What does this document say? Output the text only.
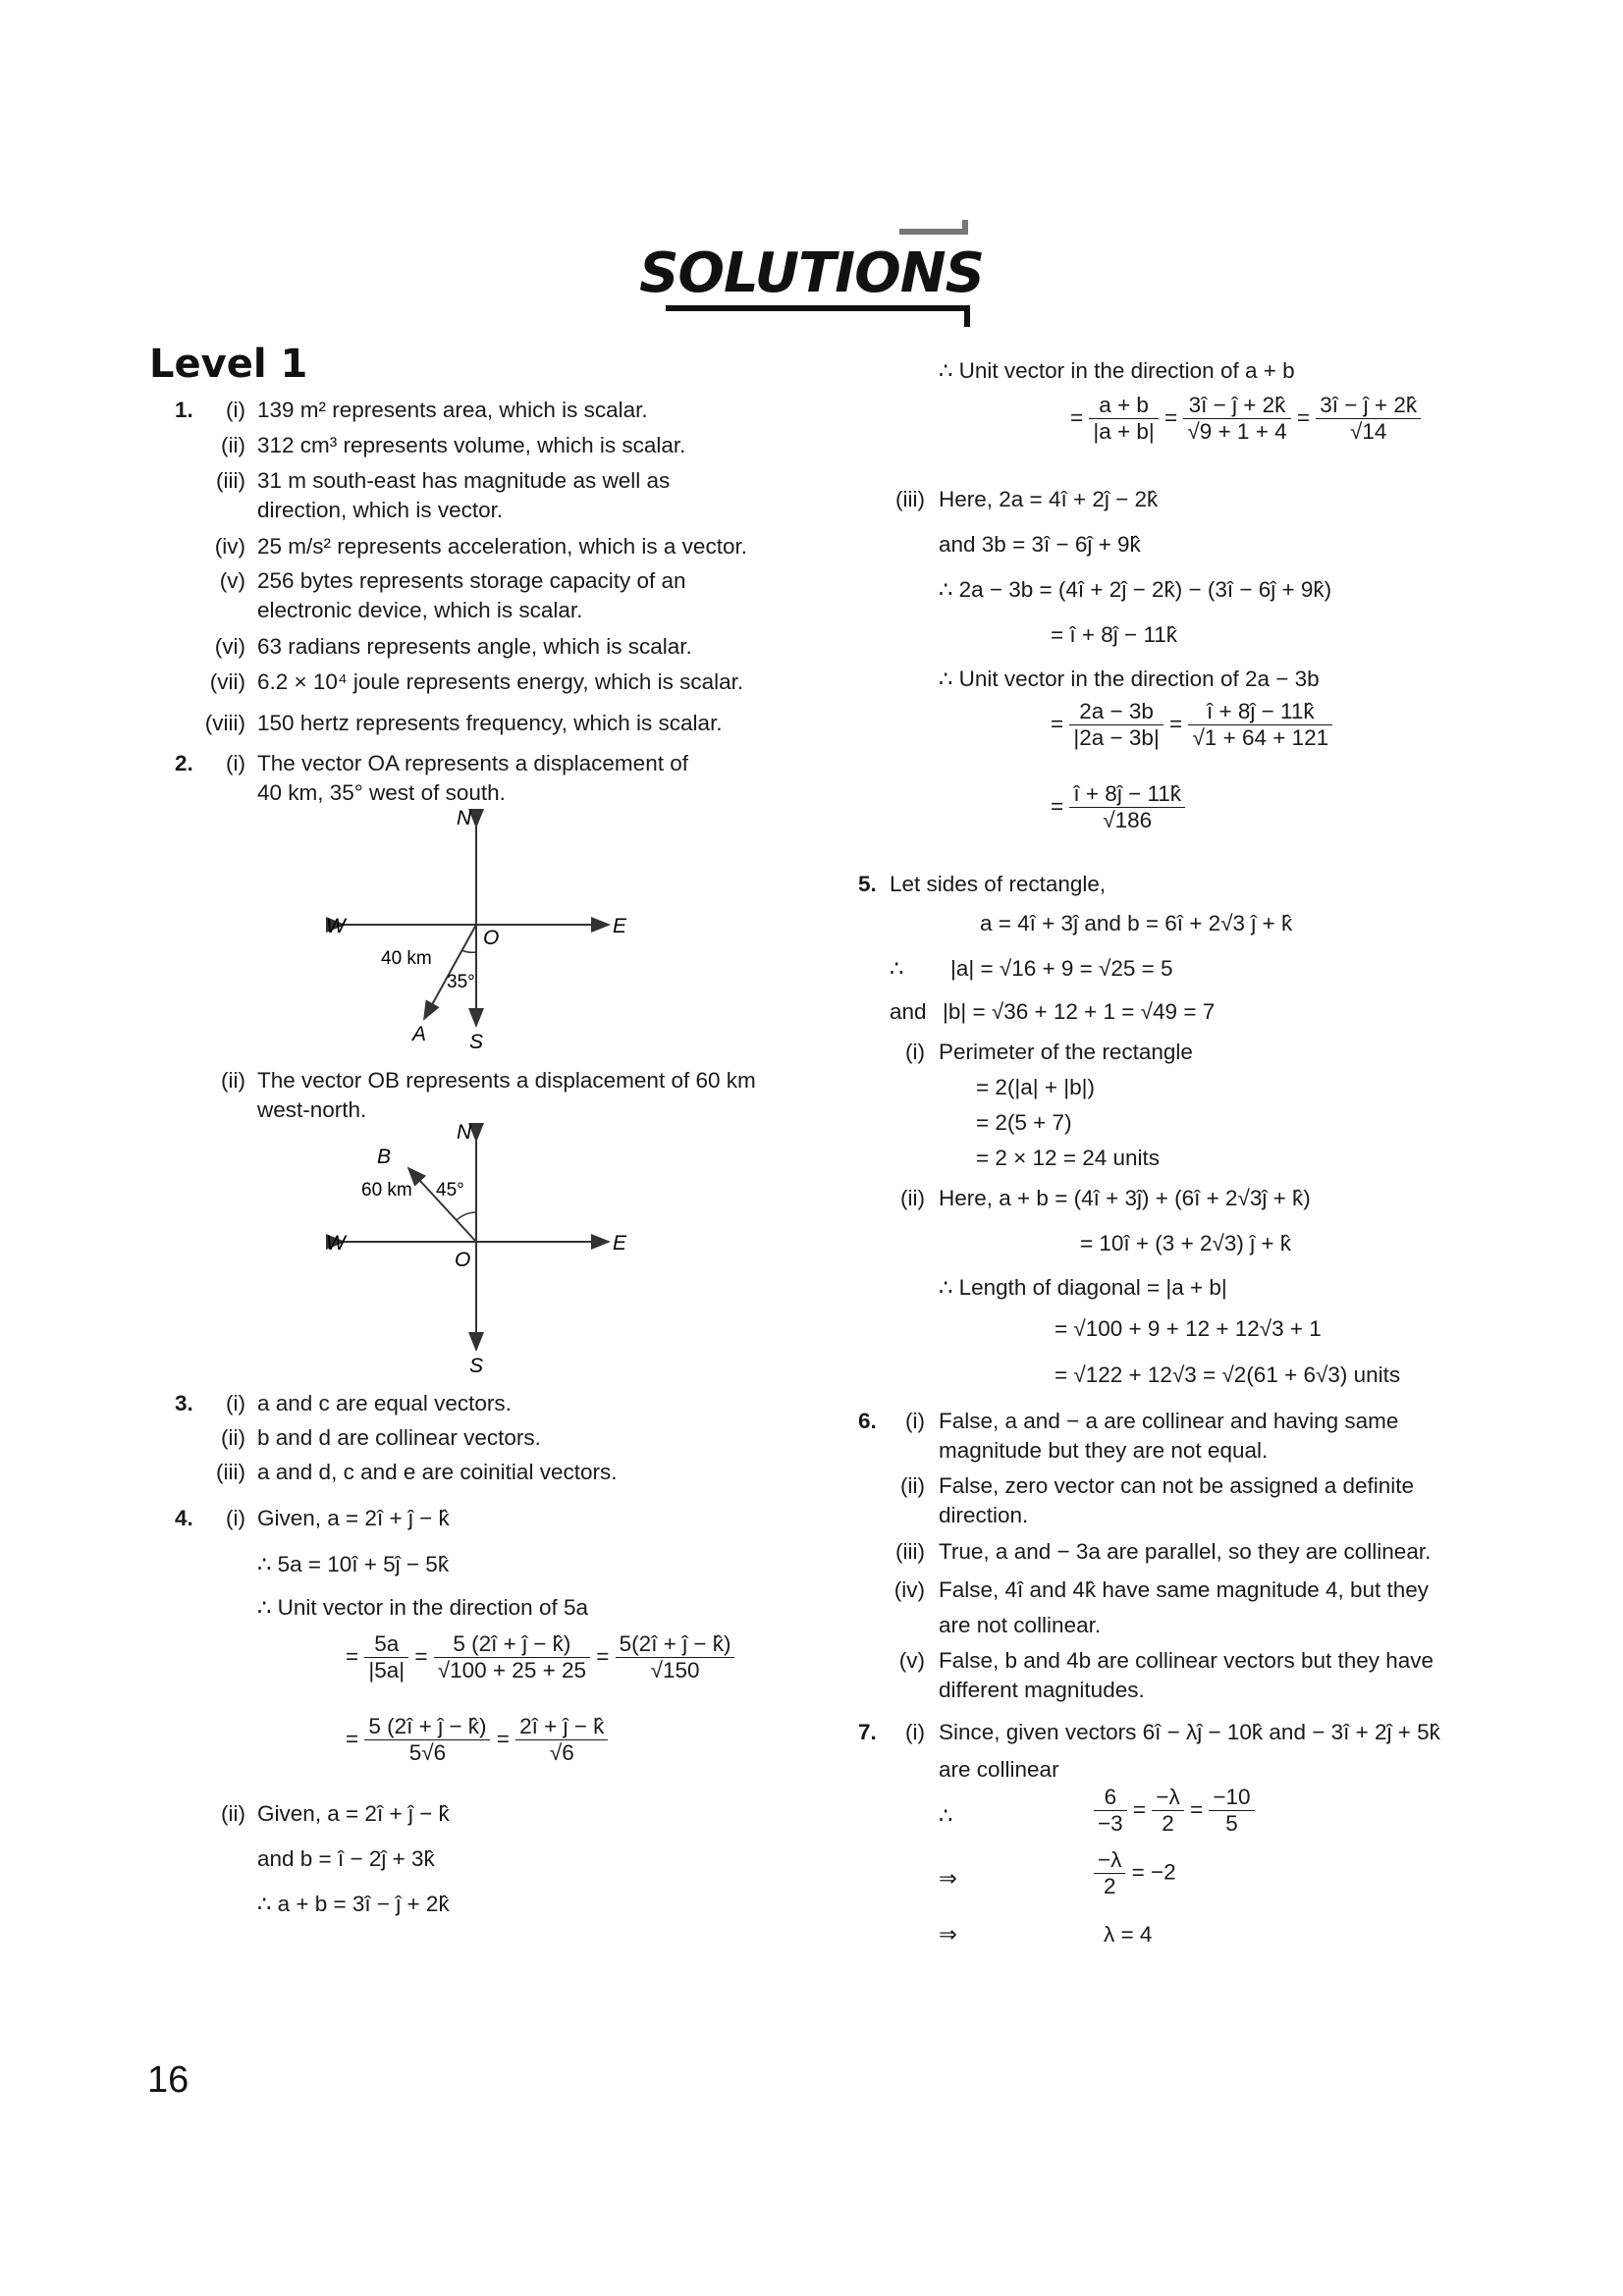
SOLUTIONS
Level 1
1.	(i) 139 m² represents area, which is scalar.
(ii) 312 cm³ represents volume, which is scalar.
(iii) 31 m south-east has magnitude as well as
direction, which is vector.
(iv) 25 m/s² represents acceleration, which is a vector.
(v) 256 bytes represents storage capacity of an
electronic device, which is scalar.
(vi) 63 radians represents angle, which is scalar.
(vii) 6.2 × 10⁴ joule represents energy, which is scalar.
(viii) 150 hertz represents frequency, which is scalar.
2.	(i) The vector OA represents a displacement of
40 km, 35° west of south.
N
S
E
W
O
A
40 km
35°
(ii) The vector OB represents a displacement of 60 km
west-north.
N
S
E
W
O
B
60 km 45°
3.	(i) a and c are equal vectors.
(ii) b and d are collinear vectors.
(iii) a and d, c and e are coinitial vectors.
4.	(i) Given, a = 2î + ĵ − k̂
∴ 5a = 10î + 5ĵ − 5k̂
∴ Unit vector in the direction of 5a
= $\frac{5a}{|5a|} = \frac{5 (2î + ĵ - k̂)}{√100 + 25 + 25} = \frac{5(2î + ĵ - k̂)}{√150}$
= $\frac{5 (2î + ĵ - k̂)}{5√6} = \frac{2î + ĵ - k̂}{√6}$
(ii) Given, a = 2î + ĵ − k̂
and b = î − 2ĵ + 3k̂
∴ a + b = 3î − ĵ + 2k̂
∴ Unit vector in the direction of a + b
= $\frac{a + b}{|a + b|} = \frac{3î - ĵ + 2k̂}{√9 + 1 + 4} = \frac{3î - ĵ + 2k̂}{√14}$
(iii) Here, 2a = 4î + 2ĵ − 2k̂
and 3b = 3î − 6ĵ + 9k̂
∴ 2a − 3b = (4î + 2ĵ − 2k̂) − (3î − 6ĵ + 9k̂)
= î + 8ĵ − 11k̂
∴ Unit vector in the direction of 2a − 3b
= $\frac{2a - 3b}{|2a - 3b|} = \frac{î + 8ĵ - 11k̂}{√1 + 64 + 121}$
= $\frac{î + 8ĵ - 11k̂}{√186}$
5. Let sides of rectangle,
a = 4î + 3ĵ and b = 6î + 2√3 ĵ + k̂
∴ |a| = √16 + 9 = √25 = 5
and |b| = √36 + 12 + 1 = √49 = 7
(i) Perimeter of the rectangle
= 2(|a| + |b|)
= 2(5 + 7)
= 2 × 12 = 24 units
(ii) Here, a + b = (4î + 3ĵ) + (6î + 2√3ĵ + k̂)
= 10î + (3 + 2√3) ĵ + k̂
∴ Length of diagonal = |a + b|
= √100 + 9 + 12 + 12√3 + 1
= √122 + 12√3 = √2(61 + 6√3) units
6.	(i) False, a and − a are collinear and having same
magnitude but they are not equal.
(ii) False, zero vector can not be assigned a definite
direction.
(iii) True, a and − 3a are parallel, so they are collinear.
(iv) False, 4î and 4k̂ have same magnitude 4, but they
are not collinear.
(v) False, b and 4b are collinear vectors but they have
different magnitudes.
7.	(i) Since, given vectors 6î − λĵ − 10k̂ and − 3î + 2ĵ + 5k̂
are collinear
∴	$\frac{6}{-3} = \frac{-\lambda}{2} = \frac{-10}{5}$
⇒	$\frac{-\lambda}{2} = -2$
⇒	λ = 4
16
